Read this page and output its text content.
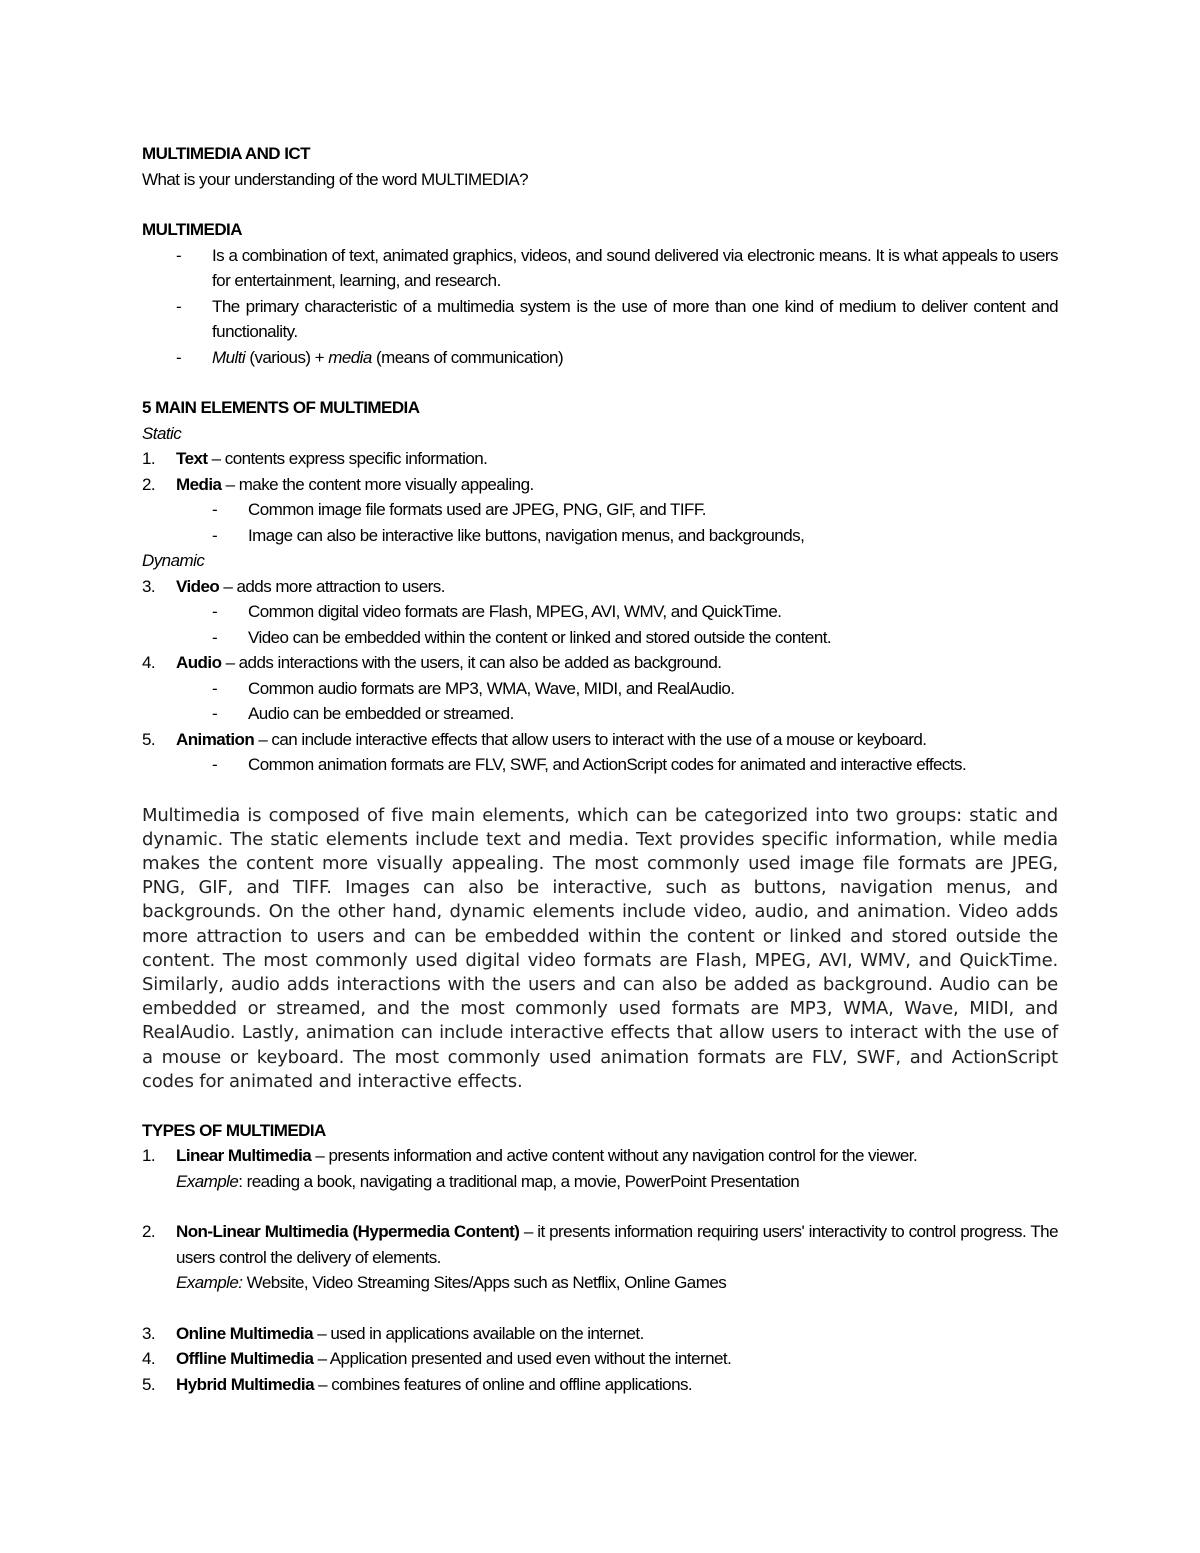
MULTIMEDIA AND ICT
What is your understanding of the word MULTIMEDIA?
MULTIMEDIA
-	Is a combination of text, animated graphics, videos, and sound delivered via electronic means. It is what appeals to users for entertainment, learning, and research.
-	The primary characteristic of a multimedia system is the use of more than one kind of medium to deliver content and functionality.
-	Multi (various) + media (means of communication)
5 MAIN ELEMENTS OF MULTIMEDIA
Static
1.	Text – contents express specific information.
2.	Media – make the content more visually appealing.
-	Common image file formats used are JPEG, PNG, GIF, and TIFF.
-	Image can also be interactive like buttons, navigation menus, and backgrounds,
Dynamic
3.	Video – adds more attraction to users.
-	Common digital video formats are Flash, MPEG, AVI, WMV, and QuickTime.
-	Video can be embedded within the content or linked and stored outside the content.
4.	Audio – adds interactions with the users, it can also be added as background.
-	Common audio formats are MP3, WMA, Wave, MIDI, and RealAudio.
-	Audio can be embedded or streamed.
5.	Animation – can include interactive effects that allow users to interact with the use of a mouse or keyboard.
-	Common animation formats are FLV, SWF, and ActionScript codes for animated and interactive effects.

Multimedia is composed of five main elements, which can be categorized into two groups: static and dynamic. The static elements include text and media. Text provides specific information, while media makes the content more visually appealing. The most commonly used image file formats are JPEG, PNG, GIF, and TIFF. Images can also be interactive, such as buttons, navigation menus, and backgrounds. On the other hand, dynamic elements include video, audio, and animation. Video adds more attraction to users and can be embedded within the content or linked and stored outside the content. The most commonly used digital video formats are Flash, MPEG, AVI, WMV, and QuickTime. Similarly, audio adds interactions with the users and can also be added as background. Audio can be embedded or streamed, and the most commonly used formats are MP3, WMA, Wave, MIDI, and RealAudio. Lastly, animation can include interactive effects that allow users to interact with the use of a mouse or keyboard. The most commonly used animation formats are FLV, SWF, and ActionScript codes for animated and interactive effects.

TYPES OF MULTIMEDIA
1.	Linear Multimedia – presents information and active content without any navigation control for the viewer.
Example: reading a book, navigating a traditional map, a movie, PowerPoint Presentation
2.	Non-Linear Multimedia (Hypermedia Content) – it presents information requiring users' interactivity to control progress. The users control the delivery of elements.
Example: Website, Video Streaming Sites/Apps such as Netflix, Online Games
3.	Online Multimedia – used in applications available on the internet.
4.	Offline Multimedia – Application presented and used even without the internet.
5.	Hybrid Multimedia – combines features of online and offline applications.
